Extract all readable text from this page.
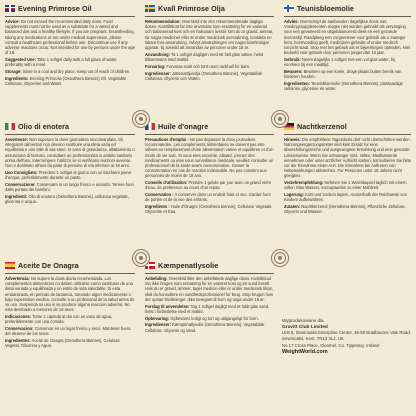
Evening Primrose Oil

Advice: Do not exceed the recommended daily dose. Food supplements must not be used as a substitute for a varied and balanced diet and a healthy lifestyle. If you are pregnant, breastfeeding, taking any medications or are under medical supervision, please consult a healthcare professional before use. Discontinue use if any adverse reactions occur. Not intended for use by persons under the age of 18.

Suggested Use: Take 1 softgel daily with a full glass of water, preferably with a meal.

Storage: Store in a cool and dry place. Keep out of reach of children.

Ingredients: Evening Primrose (Oenothera Biennis) Oil, Vegetable Cellulose, Glycerine and Water.

Kvall Primrose Olja

Rekommendation: Overskrid inte den rekommenderade dagliga dosen. Kosttillskott far inte anvandas som ersattning for en varierad och balanserad kost och en halsosam livsstil. Om du ar gravid, ammar, tar nagra mediciner eller ar under medicinsk overvakning, kontakta en lakare fore anvandning. Avbryt anvandningen om nagra biverkningar uppstar. Ej avsedd att anvandas av personer under 18 ar.

Anvandning: Ta 1 softgel dagligen med ett helt glas vatten, helst tillsammans med maltid.

Forvaring: Forvaras svalt och torrt utom rackhall for barn.

Ingredienser: Jattenattljusolja (Oenothera Biennis), Vegetabilisk Cellulosa, Glycerin och Vatten.

Teunisbloemolie

Advies: Overschrijd de aanbevolen dagelijkse dosis niet. Voedingssupplementen mogen niet worden gebruikt als vervanging voor een gevarieerd en uitgebalanceerd dieet en een gezonde levensstijl. Raadpleeg een zorgverlener voor gebruik als u zwanger bent, borstvoeding geeft, medicijnen gebruikt of onder medisch toezicht staat. Stop met het gebruik als er bijwerkingen optreden. Niet bedoeld voor gebruik door personen jonger dan 18 jaar.

Gebruik: Neem dagelijks 1 softgel met een vol glas water, bij voorkeur bij een maaltijd.

Bewaren: Bewaren op een koele, droge plaats buiten bereik van kinderen houden.

Ingredienten: Teunisbloemolie (Oenothera Biennis), plantaardige cellulose, glycerine en water.

Olio di enotera

Avvertenze: Non superare la dose giornaliera raccomandata. Gli integratori alimentari non devono sostituire una dieta varia ed equilibrata e uno stile di vita sano. In caso di gravidanza, allattamento o assunzione di farmaci, consultare un professionista in ambito sanitario prima dell'uso. Interrompere l'utilizzo se si verificano reazioni avverse. Non e destinato all'uso da parte di persone di eta inferiore ai 18 anni.

Uso Consigliato: Prendere 1 softgel al giorno con un bicchiere pieno d'acqua, preferibilmente durante un pasto.

Conservazione: Conservare in un luogo fresco e asciutto. Tenere fuori dalla portata dei bambini.

Ingredienti: Olio di enotera (Oenothera Biennis), cellulosa vegetale, glicerina e acqua.

Huile d'onagre

Precautions d'emploi : Ne pas depasser la dose journaliere recommandee. Les complements alimentaires ne doivent pas etre utilises en remplacement d'une alimentation variee et equilibree et d'un mode de vie sain. Si vous etes enceinte, allaitez, prenez des medicaments ou etes sous surveillance medicale, veuillez consulter un professionnel de la sante avant consommation. Cesser la consommation en cas de reaction indesirable. Ne pas convient aux personnes de moins de 18 ans.

Conseils d'utilisation: Prendre 1 gelule par jour avec un grand verre d'eau, de preference au cours d'un repas.

Conservation : A conserver dans un endroit frais et sec. Garder hors de portee et de la vue des enfants.

Ingredients : Huile d'Onagre (Oenothera biennis), Cellulose Vegetale, Glycerine et Eau.

Nachtkerzenol

Hinweis: Die empfohlene Tagesdosis darf nicht uberschritten werden. Nahrungserganzungsmittel sind kein Ersatz fur eine abwechslungsreiche und ausgewogene Ernahrung und eine gesunde Lebensweise. Wenn Sie schwanger sind, stillen, Medikamente einnehmen oder unter arztlicher Aufsicht stehen, konsultieren Sie bitte vor der Einnahme einen Arzt. Die Einnahme bei Auftreten von Nebenwirkungen abbrechen. Fur Personen unter 18 Jahren nicht geeignet.

Verzehrempfehlung: Nehmen Sie 1 Weichkapsel taglich mit einem vollen Glas Wasser, vorzugsweise zu einer Mahlzeit.

Lagerung: Kuhl und trocken lagern. Ausserhalb der Reichweite von Kindern aufbewahren.

Zutaten: Nachtkerzenol (Oenothera Biennis), Pflanzliche Zellulose, Glycerin und Wasser.

Aceite De Onagra

Advertencia: No supere la dosis diaria recomendada. Los complementos alimenticios no deben utilizarse como sustitutos de una dieta variada y equilibrada y un estilo de vida saludable. Si esta embarazada, en periodo de lactancia, tomando algun medicamento o bajo supervision medica, consulte a un profesional de la salud antes de su uso. Suspenda su uso si se produce alguna reaccion adversa. No esta destinado a menores de 18 anos.

Indicaciones: Tome 1 capsula al dia con un vaso de agua, preferiblemente con una comida.

Conservacion: Conservar en un lugar fresco y seco. Mantener fuera del alcance de los ninos.

Ingredientes: Aceite de Onagra (Oenothera Biennis), Celulosa Vegetal, Glicerina y Agua.

Kæmpenatlysolie

Anbefaling: Overskrid ikke den anbefalede daglige dosis. Kosttilskud ma ikke bruges som erstatning for en varieret kost og en sund livsstil. Hvis du er gravid, ammer, tager medicin eller er under medicinsk tilsyn, skal du konsultere en sundhedsprofessionel for brug. Stop brugen hvis der opstar bivirkninger. Ikke beregnet til born og unge under 18 ar.

Forslag til anvendelse: Tag 1 softgel dagligt med et fuldt glas vand, helst i forbindelse med et maltid.

Opbevaring: Opbevares koligt og tort og utilgangeligt for born.

Ingredienser: Kæmpenatlysolie (Oenothera Biennis), Vegetabilsk Cellulose, Glycerin og Vand.

Wyprodukowane dla

Gravitt Club Limited

Unit 8, Sevenoaks Enterprise Centre, 46-50 Bradbourne Vale Road, Sevenoaks, Kent, TN13 3LJ, UK

No 17 Cross Place, Clonmel, Co. Tipperary, Ireland

WeightWorld.com
